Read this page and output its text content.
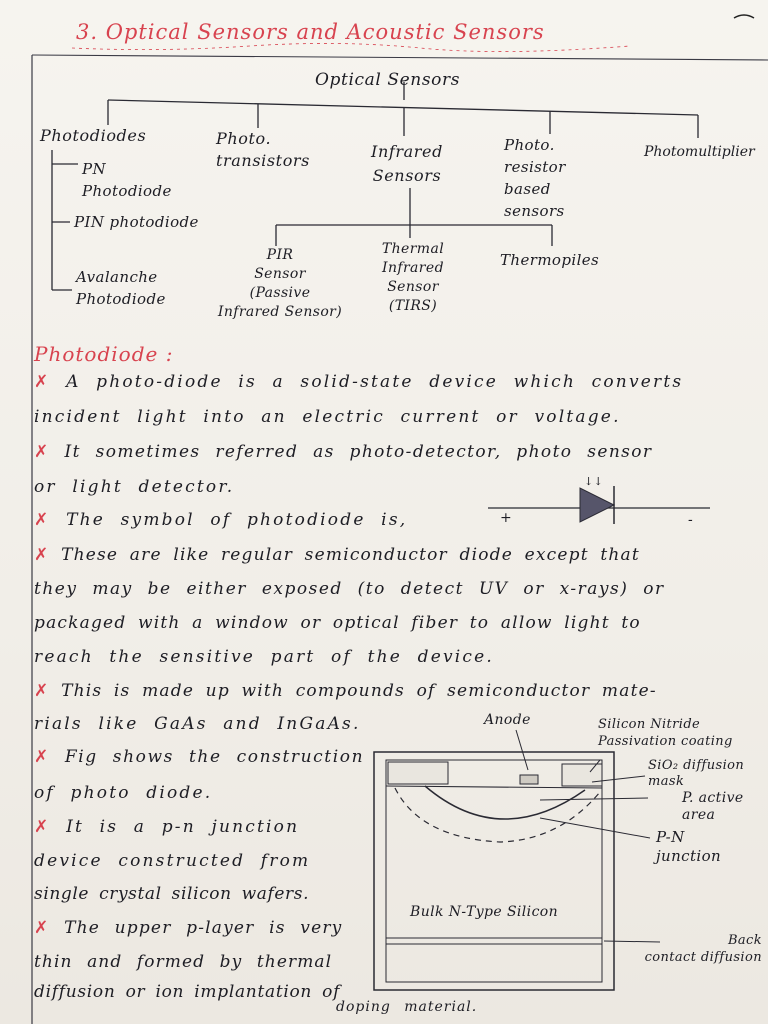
3. Optical Sensors and Acoustic Sensors
Optical Sensors
Photodiodes	Photo.
transistors	Infrared
Sensors
Photo.
resistor
based
sensors
Photomultiplier
PN
Photodiode
PIN photodiode
Avalanche
Photodiode
PIR
Sensor
(Passive
Infrared Sensor)
Thermal
Infrared
Sensor
(TIRS)
Thermopiles
Photodiode :
✗ A photo-diode is a solid-state device which converts
incident light into an electric current or voltage.
✗ It sometimes referred as photo-detector, photo sensor
or light detector.
✗ The symbol of photodiode is,
✗ These are like regular semiconductor diode except that
they may be either exposed (to detect UV or x-rays) or
packaged with a window or optical fiber to allow light to
reach the sensitive part of the device.
✗ This is made up with compounds of semiconductor mate-
rials like GaAs and InGaAs.
✗ Fig shows the construction
of photo diode.
✗ It is a p-n junction
device constructed from
single crystal silicon wafers.
✗ The upper p-layer is very
thin and formed by thermal
diffusion or ion implantation of
doping material.
+	-
↓↓
Anode	Silicon Nitride
Passivation coating
SiO₂ diffusion
mask
P. active
area
P-N
junction
Bulk N-Type Silicon
Back
contact diffusion
